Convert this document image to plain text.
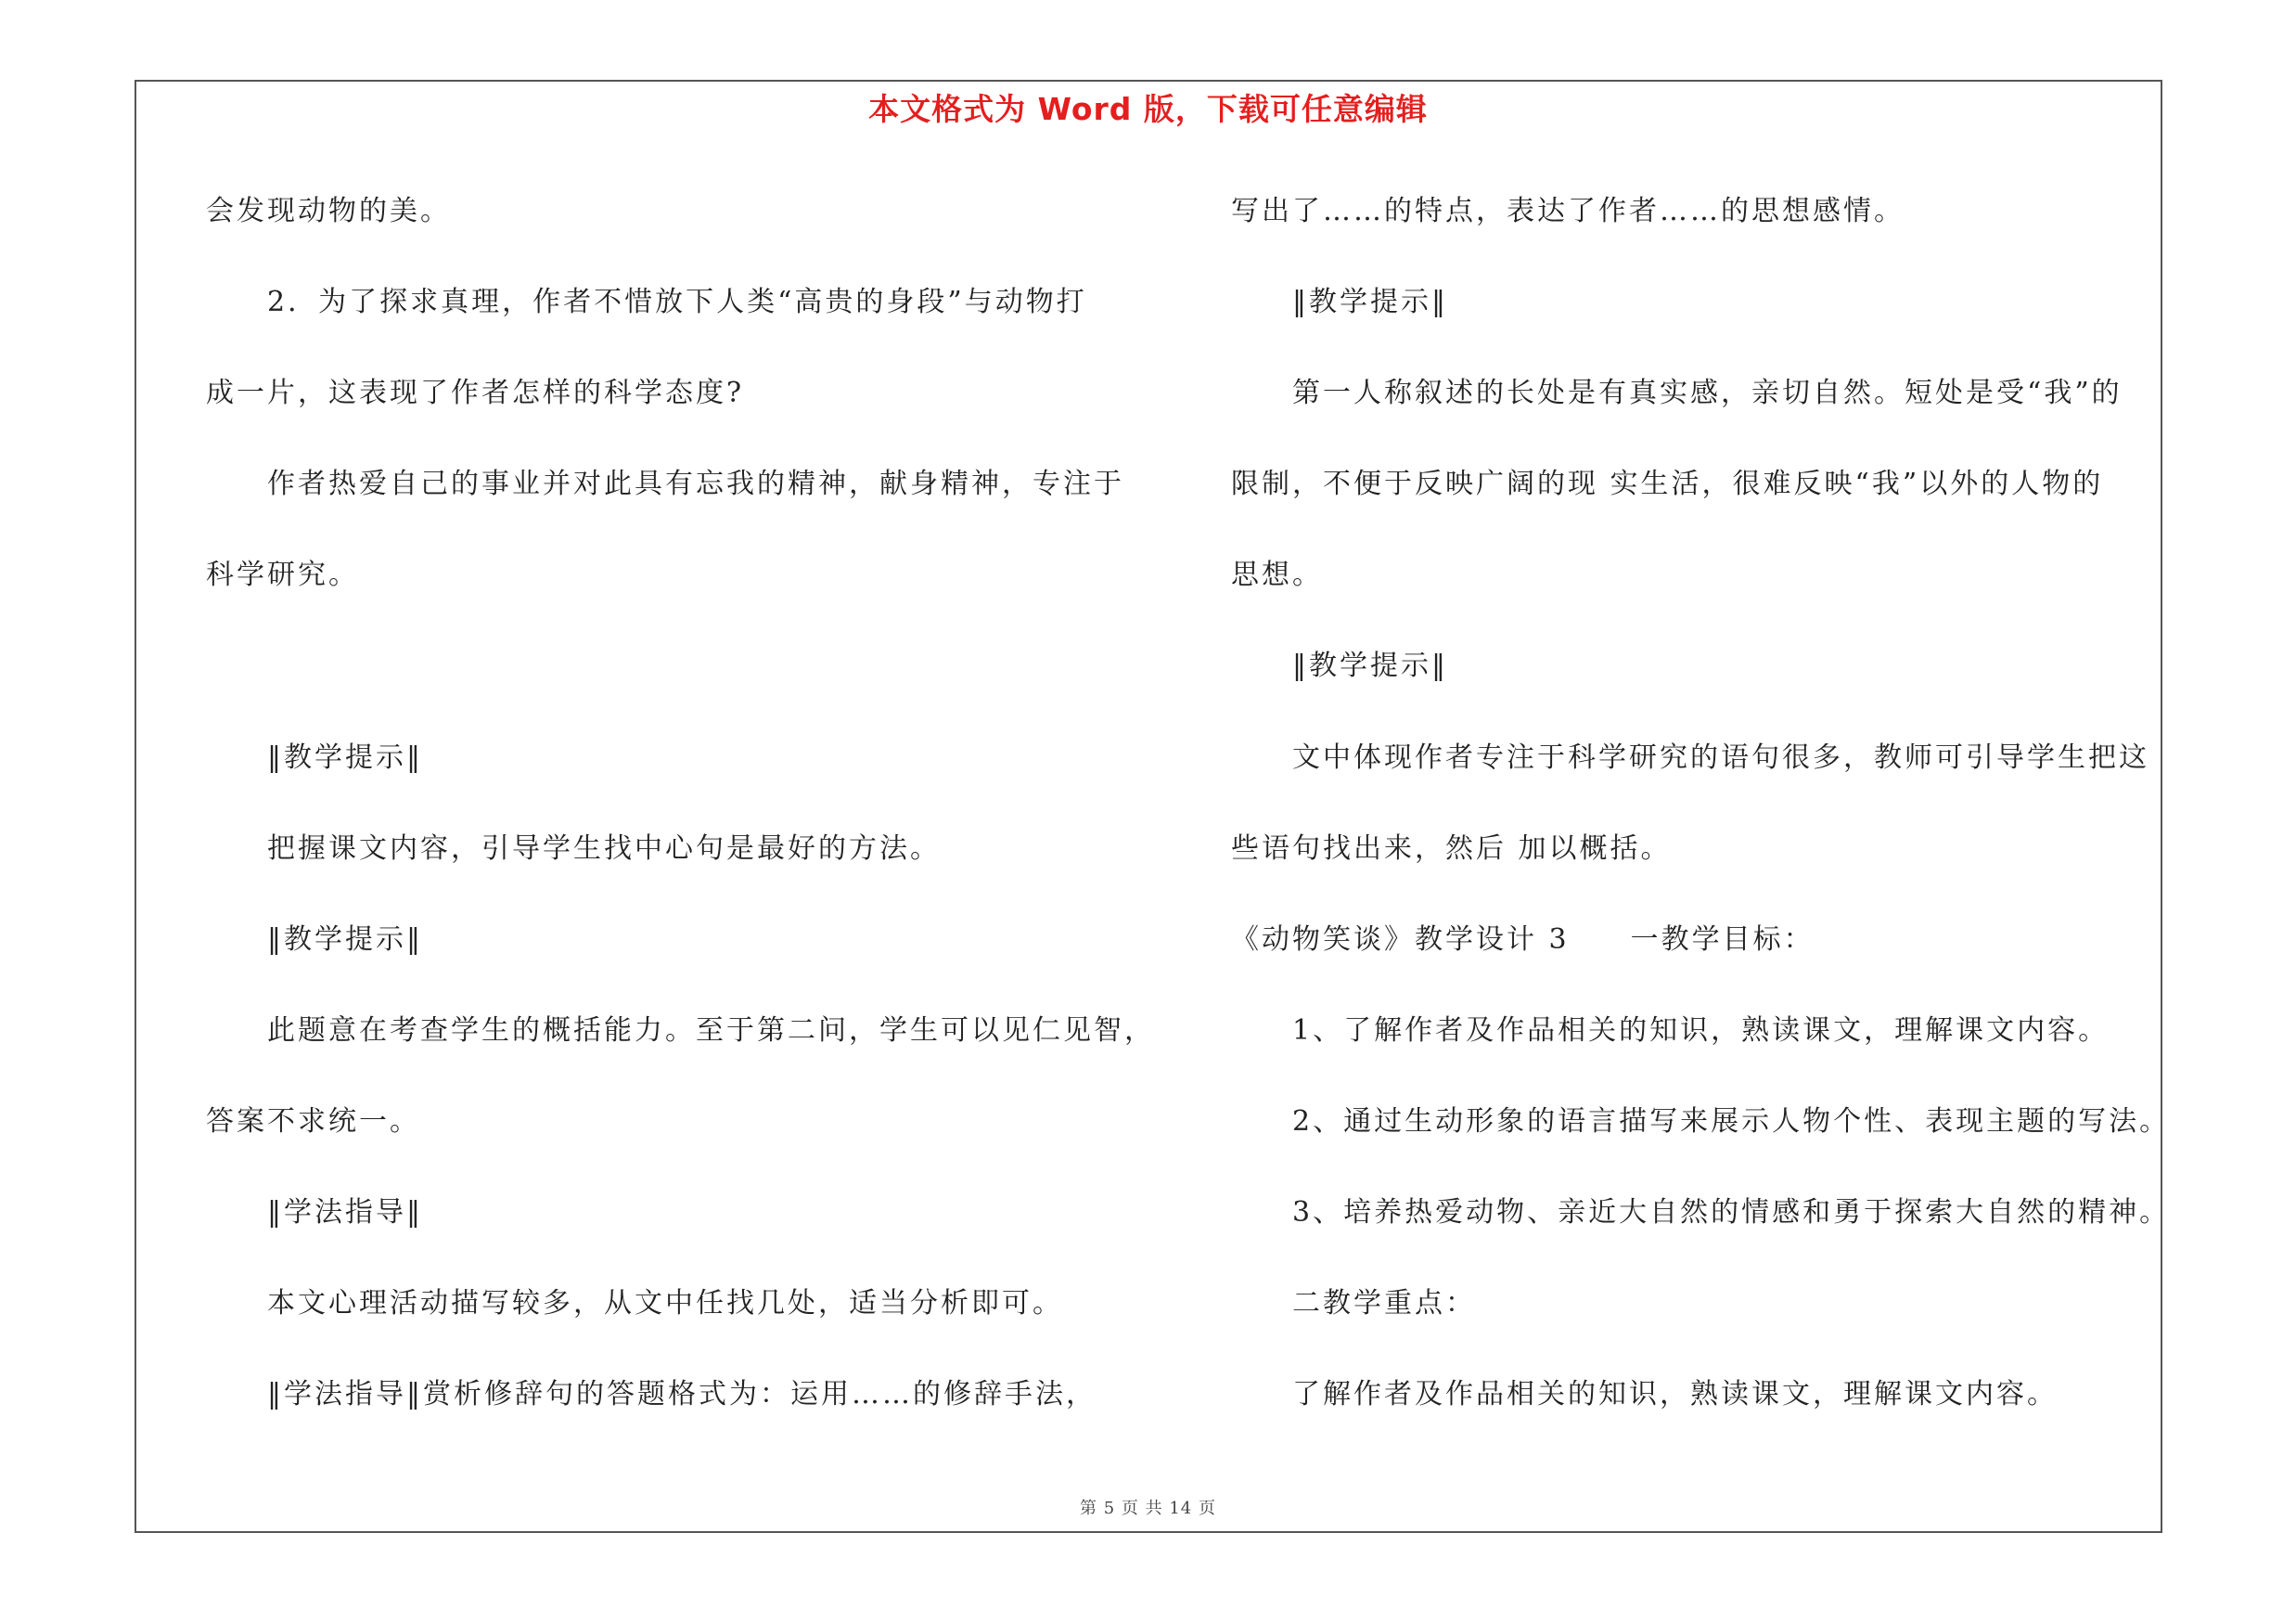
本文格式为 Word 版，下载可任意编辑
会发现动物的美。
2．为了探求真理，作者不惜放下人类“高贵的身段”与动物打
成一片，这表现了作者怎样的科学态度?
作者热爱自己的事业并对此具有忘我的精神，献身精神，专注于
科学研究。
‖教学提示‖
把握课文内容，引导学生找中心句是最好的方法。
‖教学提示‖
此题意在考查学生的概括能力。至于第二问，学生可以见仁见智，
答案不求统一。
‖学法指导‖
本文心理活动描写较多，从文中任找几处，适当分析即可。
‖学法指导‖赏析修辞句的答题格式为：运用……的修辞手法，
写出了……的特点，表达了作者……的思想感情。
‖教学提示‖
第一人称叙述的长处是有真实感，亲切自然。短处是受“我”的
限制，不便于反映广阔的现 实生活，很难反映“我”以外的人物的
思想。
‖教学提示‖
文中体现作者专注于科学研究的语句很多，教师可引导学生把这
些语句找出来，然后 加以概括。
《动物笑谈》教学设计 3　　一教学目标：
1、了解作者及作品相关的知识，熟读课文，理解课文内容。
2、通过生动形象的语言描写来展示人物个性、表现主题的写法。
3、培养热爱动物、亲近大自然的情感和勇于探索大自然的精神。
二教学重点：
了解作者及作品相关的知识，熟读课文，理解课文内容。
第 5 页 共 14 页
